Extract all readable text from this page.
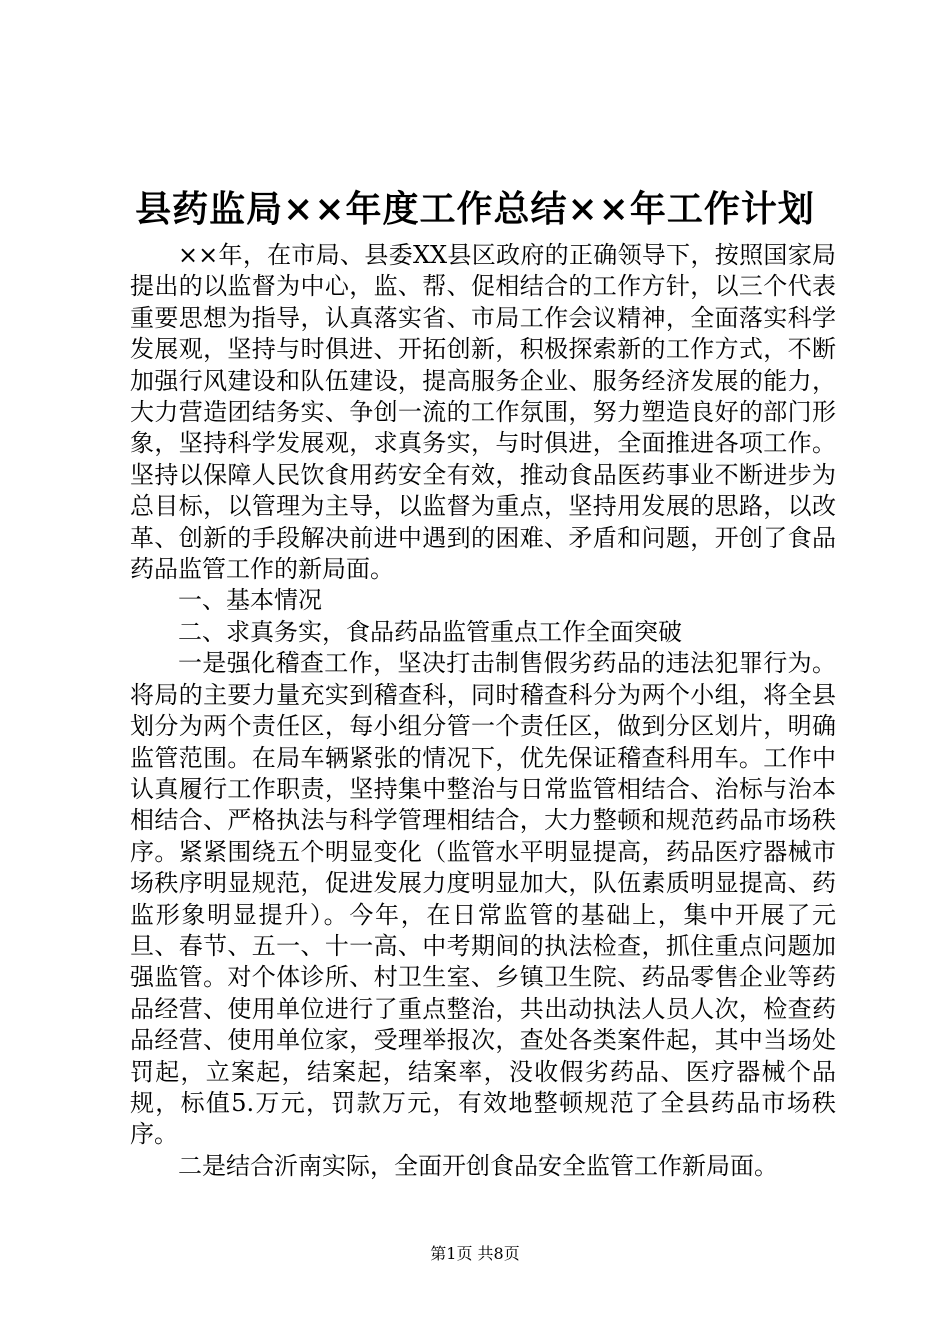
县药监局××年度工作总结××年工作计划

××年，在市局、县委XX县区政府的正确领导下，按照国家局提出的以监督为中心，监、帮、促相结合的工作方针，以三个代表重要思想为指导，认真落实省、市局工作会议精神，全面落实科学发展观，坚持与时俱进、开拓创新，积极探索新的工作方式，不断加强行风建设和队伍建设，提高服务企业、服务经济发展的能力，大力营造团结务实、争创一流的工作氛围，努力塑造良好的部门形象，坚持科学发展观，求真务实，与时俱进，全面推进各项工作。坚持以保障人民饮食用药安全有效，推动食品医药事业不断进步为总目标，以管理为主导，以监督为重点，坚持用发展的思路，以改革、创新的手段解决前进中遇到的困难、矛盾和问题，开创了食品药品监管工作的新局面。

一、基本情况

二、求真务实，食品药品监管重点工作全面突破

一是强化稽查工作，坚决打击制售假劣药品的违法犯罪行为。将局的主要力量充实到稽查科，同时稽查科分为两个小组，将全县划分为两个责任区，每小组分管一个责任区，做到分区划片，明确监管范围。在局车辆紧张的情况下，优先保证稽查科用车。工作中认真履行工作职责，坚持集中整治与日常监管相结合、治标与治本相结合、严格执法与科学管理相结合，大力整顿和规范药品市场秩序。紧紧围绕五个明显变化（监管水平明显提高，药品医疗器械市场秩序明显规范，促进发展力度明显加大，队伍素质明显提高、药监形象明显提升）。今年，在日常监管的基础上，集中开展了元旦、春节、五一、十一高、中考期间的执法检查，抓住重点问题加强监管。对个体诊所、村卫生室、乡镇卫生院、药品零售企业等药品经营、使用单位进行了重点整治，共出动执法人员人次，检查药品经营、使用单位家，受理举报次，查处各类案件起，其中当场处罚起，立案起，结案起，结案率，没收假劣药品、医疗器械个品规，标值5.万元，罚款万元，有效地整顿规范了全县药品市场秩序。

二是结合沂南实际，全面开创食品安全监管工作新局面。

第1页 共8页
